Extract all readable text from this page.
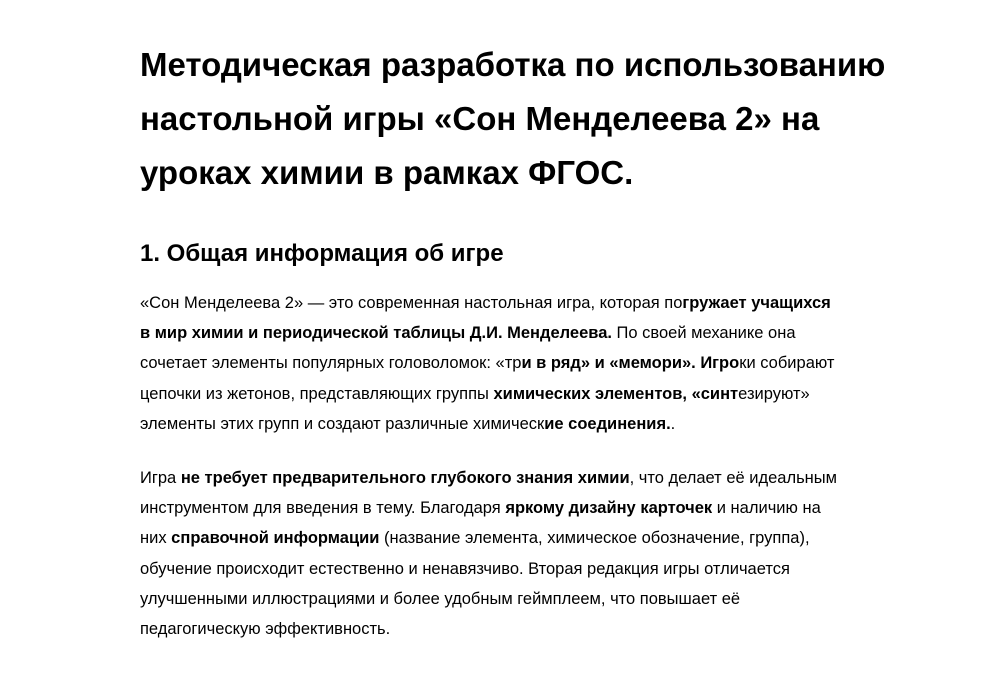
Методическая разработка по использованию
настольной игры «Сон Менделеева 2» на
уроках химии в рамках ФГОС.
1. Общая информация об игре

«Сон Менделеева 2» — это современная настольная игра, которая погружает учащихся
в мир химии и периодической таблицы Д.И. Менделеева. По своей механике она
сочетает элементы популярных головоломок: «три в ряд» и «мемори». Игроки собирают
цепочки из жетонов, представляющих группы химических элементов, «синтезируют»
элементы этих групп и создают различные химические соединения..

Игра не требует предварительного глубокого знания химии, что делает её идеальным
инструментом для введения в тему. Благодаря яркому дизайну карточек и наличию на
них справочной информации (название элемента, химическое обозначение, группа),
обучение происходит естественно и ненавязчиво. Вторая редакция игры отличается
улучшенными иллюстрациями и более удобным геймплеем, что повышает её
педагогическую эффективность.
